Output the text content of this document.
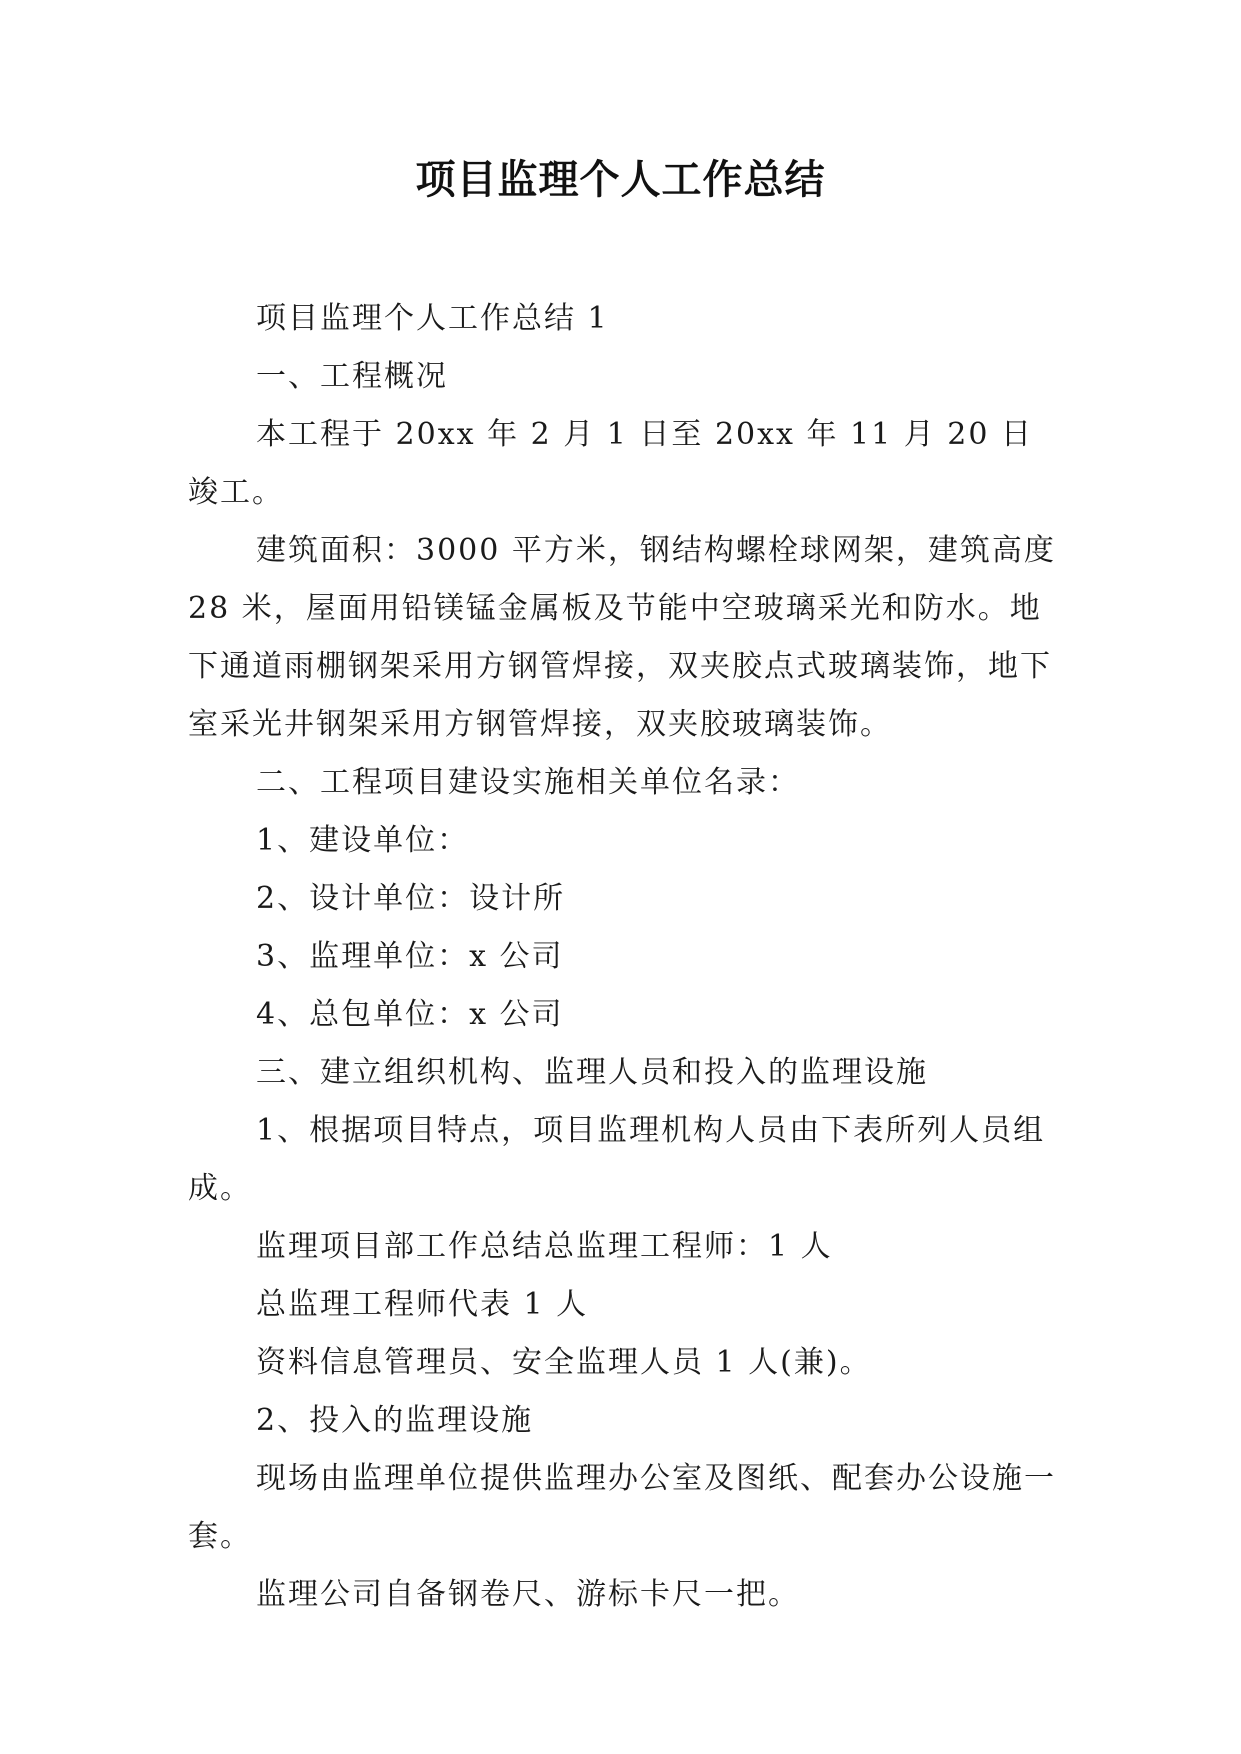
项目监理个人工作总结

项目监理个人工作总结 1

一、工程概况

本工程于 20xx 年 2 月 1 日至 20xx 年 11 月 20 日竣工。

建筑面积：3000 平方米，钢结构螺栓球网架，建筑高度 28 米，屋面用铅镁锰金属板及节能中空玻璃采光和防水。地下通道雨棚钢架采用方钢管焊接，双夹胶点式玻璃装饰，地下室采光井钢架采用方钢管焊接，双夹胶玻璃装饰。

二、工程项目建设实施相关单位名录：

1、建设单位：

2、设计单位：设计所

3、监理单位：x 公司

4、总包单位：x 公司

三、建立组织机构、监理人员和投入的监理设施

1、根据项目特点，项目监理机构人员由下表所列人员组成。

监理项目部工作总结总监理工程师：1 人

总监理工程师代表 1 人

资料信息管理员、安全监理人员 1 人(兼)。

2、投入的监理设施

现场由监理单位提供监理办公室及图纸、配套办公设施一套。

监理公司自备钢卷尺、游标卡尺一把。
